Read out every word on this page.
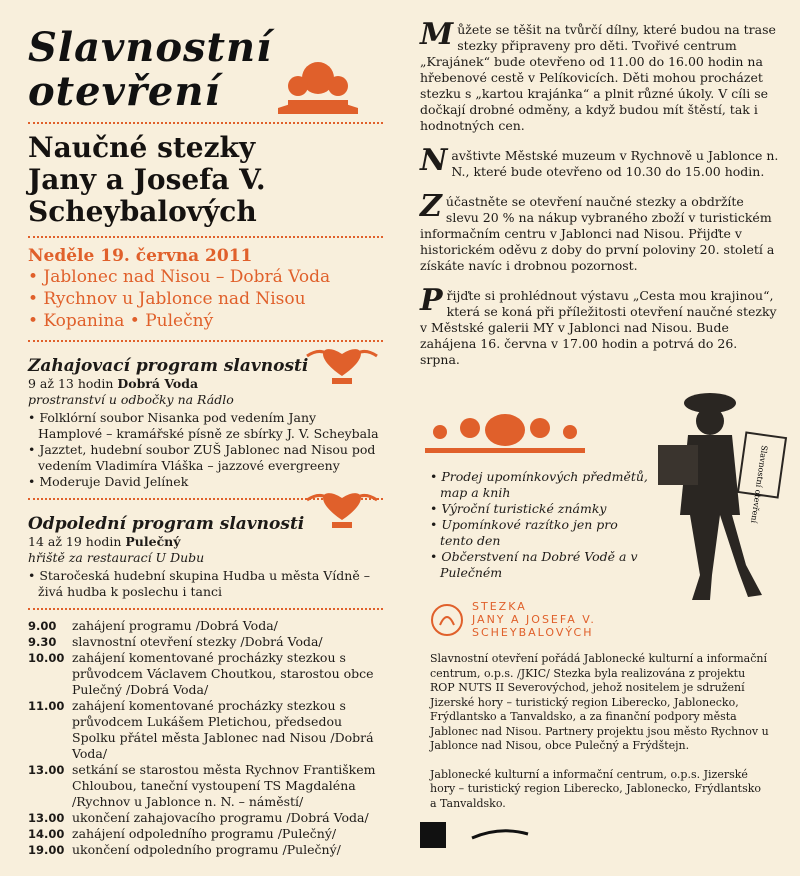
Slavnostní
otevření
Naučné stezky
Jany a Josefa V.
Scheybalových
Neděle 19. června 2011
• Jablonec nad Nisou – Dobrá Voda
• Rychnov u Jablonce nad Nisou
• Kopanina • Pulečný
Zahajovací program slavnosti
9 až 13 hodin Dobrá Voda
prostranství u odbočky na Rádlo
• Folklórní soubor Nisanka pod vedením Jany Hamplové – kramářské písně ze sbírky J. V. Scheybala
• Jazztet, hudební soubor ZUŠ Jablonec nad Nisou pod vedením Vladimíra Vláška – jazzové evergreeny
• Moderuje David Jelínek
Odpolední program slavnosti
14 až 19 hodin Pulečný
hřiště za restaurací U Dubu
• Staročeská hudební skupina Hudba u města Vídně – živá hudba k poslechu i tanci
9.00	zahájení programu /Dobrá Voda/
9.30	slavnostní otevření stezky /Dobrá Voda/
10.00 zahájení komentované procházky stezkou s průvodcem Václavem Choutkou, starostou obce Pulečný /Dobrá Voda/
11.00 zahájení komentované procházky stezkou s průvodcem Lukášem Pletichou, předsedou Spolku přátel města Jablonec nad Nisou /Dobrá Voda/
13.00 setkání se starostou města Rychnov Františkem Chloubou, taneční vystoupení TS Magdaléna /Rychnov u Jablonce n. N. – náměstí/
13.00 ukončení zahajovacího programu /Dobrá Voda/
14.00 zahájení odpoledního programu /Pulečný/
19.00 ukončení odpoledního programu /Pulečný/
Můžete se těšit na tvůrčí dílny, které budou na trase stezky připraveny pro děti. Tvořivé centrum „Krajánek“ bude otevřeno od 11.00 do 16.00 hodin na hřebenové cestě v Pelíkovicích. Děti mohou procházet stezku s „kartou krajánka“ a plnit různé úkoly. V cíli se dočkají drobné odměny, a když budou mít štěstí, tak i hodnotných cen.
Navštivte Městské muzeum v Rychnově u Jablonce n. N., které bude otevřeno od 10.30 do 15.00 hodin.
Zúčastněte se otevření naučné stezky a obdržíte slevu 20 % na nákup vybraného zboží v turistickém informačním centru v Jablonci nad Nisou. Přijďte v historickém oděvu z doby do první poloviny 20. století a získáte navíc i drobnou pozornost.
Přijďte si prohlédnout výstavu „Cesta mou krajinou“, která se koná při příležitosti otevření naučné stezky v Městské galerii MY v Jablonci nad Nisou. Bude zahájena 16. června v 17.00 hodin a potrvá do 26. srpna.
Slavnostní otevření
• Prodej upomínkových předmětů, map a knih
• Výroční turistické známky
• Upomínkové razítko jen pro tento den
• Občerstvení na Dobré Vodě a v Pulečném
STEZKA
JANY A JOSEFA V.
SCHEYBALOVÝCH
Slavnostní otevření pořádá Jablonecké kulturní a informační centrum, o.p.s. /JKIC/ Stezka byla realizována z projektu ROP NUTS II Severovýchod, jehož nositelem je sdružení Jizerské hory – turistický region Liberecko, Jablonecko, Frýdlantsko a Tanvaldsko, a za finanční podpory města Jablonec nad Nisou. Partnery projektu jsou město Rychnov u Jablonce nad Nisou, obce Pulečný a Frýdštejn.
Jablonecké kulturní a informační centrum, o.p.s. Jizerské hory – turistický region Liberecko, Jablonecko, Frýdlantsko a Tanvaldsko.
